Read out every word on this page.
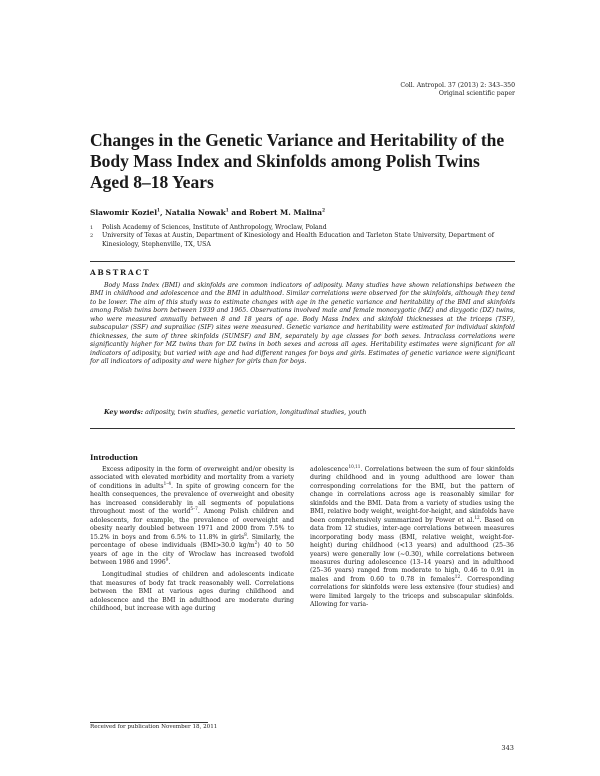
Coll. Antropol. 37 (2013) 2: 343–350
Original scientific paper
Changes in the Genetic Variance and Heritability of the Body Mass Index and Skinfolds among Polish Twins Aged 8–18 Years
Slawomir Koziel$^1$, Natalia Nowak$^1$ and Robert M. Malina$^2$
1	Polish Academy of Sciences, Institute of Anthropology, Wroclaw, Poland
2	University of Texas at Austin, Department of Kinesiology and Health Education and Tarleton State University, Department of Kinesiology, Stephenville, TX, USA
ABSTRACT
Body Mass Index (BMI) and skinfolds are common indicators of adiposity. Many studies have shown relationships between the BMI in childhood and adolescence and the BMI in adulthood. Similar correlations were observed for the skinfolds, although they tend to be lower. The aim of this study was to estimate changes with age in the genetic variance and heritability of the BMI and skinfolds among Polish twins born between 1939 and 1965. Observations involved male and female monozygotic (MZ) and dizygotic (DZ) twins, who were measured annually between 8 and 18 years of age. Body Mass Index and skinfold thicknesses at the triceps (TSF), subscapular (SSF) and suprailiac (SIF) sites were measured. Genetic variance and heritability were estimated for individual skinfold thicknesses, the sum of three skinfolds (SUMSF) and BM, separately by age classes for both sexes. Intraclass correlations were significantly higher for MZ twins than for DZ twins in both sexes and across all ages. Heritability estimates were significant for all indicators of adiposity, but varied with age and had different ranges for boys and girls. Estimates of genetic variance were significant for all indicators of adiposity and were higher for girls than for boys.
Key words: adiposity, twin studies, genetic variation, longitudinal studies, youth
Introduction

Excess adiposity in the form of overweight and/or obesity is associated with elevated morbidity and mortality from a variety of conditions in adults$^{1-4}$. In spite of growing concern for the health consequences, the prevalence of overweight and obesity has increased considerably in all segments of populations throughout most of the world$^{5-7}$. Among Polish children and adolescents, for example, the prevalence of overweight and obesity nearly doubled between 1971 and 2000 from 7.5% to 15.2% in boys and from 6.5% to 11.8% in girls$^8$. Similarly, the percentage of obese individuals (BMI>30.0 $kg/m^2$) 40 to 50 years of age in the city of Wroclaw has increased twofold between 1986 and 1996$^9$.

Longitudinal studies of children and adolescents indicate that measures of body fat track reasonably well. Correlations between the BMI at various ages during childhood and adolescence and the BMI in adulthood are moderate during childhood, but increase with age during

adolescence$^{10,11}$. Correlations between the sum of four skinfolds during childhood and in young adulthood are lower than corresponding correlations for the BMI, but the pattern of change in correlations across age is reasonably similar for skinfolds and the BMI. Data from a variety of studies using the BMI, relative body weight, weight-for-height, and skinfolds have been comprehensively summarized by Power et al.$^{12}$. Based on data from 12 studies, inter-age correlations between measures incorporating body mass (BMI, relative weight, weight-for-height) during childhood (<13 years) and adulthood (25–36 years) were generally low (~0.30), while correlations between measures during adolescence (13–14 years) and in adulthood (25–36 years) ranged from moderate to high, 0.46 to 0.91 in males and from 0.60 to 0.78 in females$^{12}$. Corresponding correlations for skinfolds were less extensive (four studies) and were limited largely to the triceps and subscapular skinfolds. Allowing for varia-

Received for publication November 18, 2011
343
